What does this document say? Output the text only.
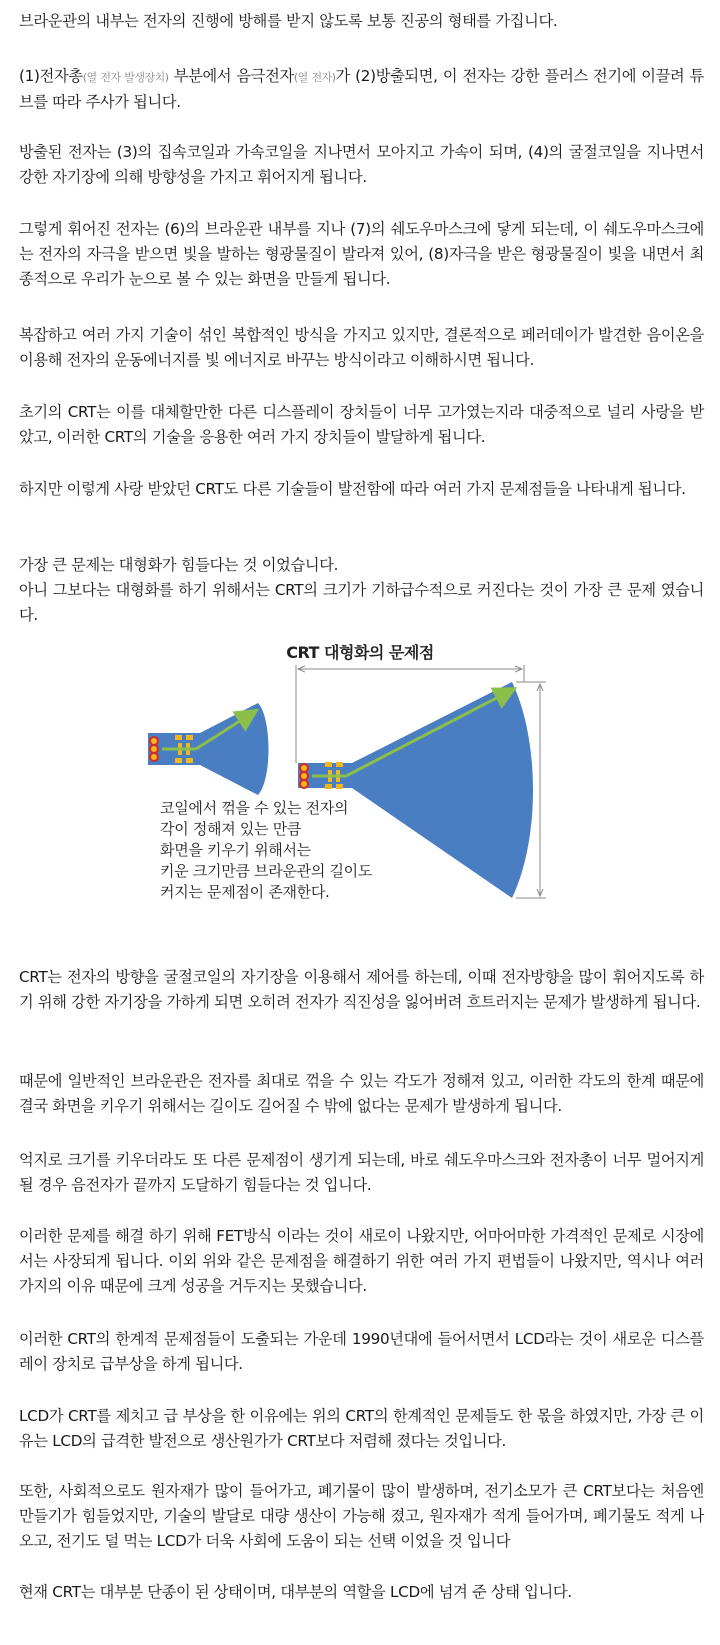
브라운관의 내부는 전자의 진행에 방해를 받지 않도록 보통 진공의 형태를 가집니다.

(1)전자총(열 전자 발생장치) 부분에서 음극전자(열 전자)가 (2)방출되면, 이 전자는 강한 플러스 전기에 이끌려 튜브를 따라 주사가 됩니다.

방출된 전자는 (3)의 집속코일과 가속코일을 지나면서 모아지고 가속이 되며, (4)의 굴절코일을 지나면서 강한 자기장에 의해 방향성을 가지고 휘어지게 됩니다.

그렇게 휘어진 전자는 (6)의 브라운관 내부를 지나 (7)의 쉐도우마스크에 닿게 되는데, 이 쉐도우마스크에는 전자의 자극을 받으면 빛을 발하는 형광물질이 발라져 있어, (8)자극을 받은 형광물질이 빛을 내면서 최종적으로 우리가 눈으로 볼 수 있는 화면을 만들게 됩니다.

복잡하고 여러 가지 기술이 섞인 복합적인 방식을 가지고 있지만, 결론적으로 페러데이가 발견한 음이온을 이용해 전자의 운동에너지를 빛 에너지로 바꾸는 방식이라고 이해하시면 됩니다.

초기의 CRT는 이를 대체할만한 다른 디스플레이 장치들이 너무 고가였는지라 대중적으로 널리 사랑을 받았고, 이러한 CRT의 기술을 응용한 여러 가지 장치들이 발달하게 됩니다.

하지만 이렇게 사랑 받았던 CRT도 다른 기술들이 발전함에 따라 여러 가지 문제점들을 나타내게 됩니다.

가장 큰 문제는 대형화가 힘들다는 것 이었습니다.

아니 그보다는 대형화를 하기 위해서는 CRT의 크기가 기하급수적으로 커진다는 것이 가장 큰 문제 였습니다.

CRT 대형화의 문제점
코일에서 꺾을 수 있는 전자의
각이 정해져 있는 만큼
화면을 키우기 위해서는
키운 크기만큼 브라운관의 길이도
커지는 문제점이 존재한다.

CRT는 전자의 방향을 굴절코일의 자기장을 이용해서 제어를 하는데, 이때 전자방향을 많이 휘어지도록 하기 위해 강한 자기장을 가하게 되면 오히려 전자가 직진성을 잃어버려 흐트러지는 문제가 발생하게 됩니다.

때문에 일반적인 브라운관은 전자를 최대로 꺾을 수 있는 각도가 정해져 있고, 이러한 각도의 한계 때문에 결국 화면을 키우기 위해서는 길이도 길어질 수 밖에 없다는 문제가 발생하게 됩니다.

억지로 크기를 키우더라도 또 다른 문제점이 생기게 되는데, 바로 쉐도우마스크와 전자총이 너무 멀어지게 될 경우 음전자가 끝까지 도달하기 힘들다는 것 입니다.

이러한 문제를 해결 하기 위해 FET방식 이라는 것이 새로이 나왔지만, 어마어마한 가격적인 문제로 시장에서는 사장되게 됩니다. 이외 위와 같은 문제점을 해결하기 위한 여러 가지 편법들이 나왔지만, 역시나 여러 가지의 이유 때문에 크게 성공을 거두지는 못했습니다.

이러한 CRT의 한계적 문제점들이 도출되는 가운데 1990년대에 들어서면서 LCD라는 것이 새로운 디스플레이 장치로 급부상을 하게 됩니다.

LCD가 CRT를 제치고 급 부상을 한 이유에는 위의 CRT의 한계적인 문제들도 한 몫을 하였지만, 가장 큰 이유는 LCD의 급격한 발전으로 생산원가가 CRT보다 저렴해 졌다는 것입니다.

또한, 사회적으로도 원자재가 많이 들어가고, 폐기물이 많이 발생하며, 전기소모가 큰 CRT보다는 처음엔 만들기가 힘들었지만, 기술의 발달로 대량 생산이 가능해 졌고, 원자재가 적게 들어가며, 폐기물도 적게 나오고, 전기도 덜 먹는 LCD가 더욱 사회에 도움이 되는 선택 이었을 것 입니다

현재 CRT는 대부분 단종이 된 상태이며, 대부분의 역할을 LCD에 넘겨 준 상태 입니다.
